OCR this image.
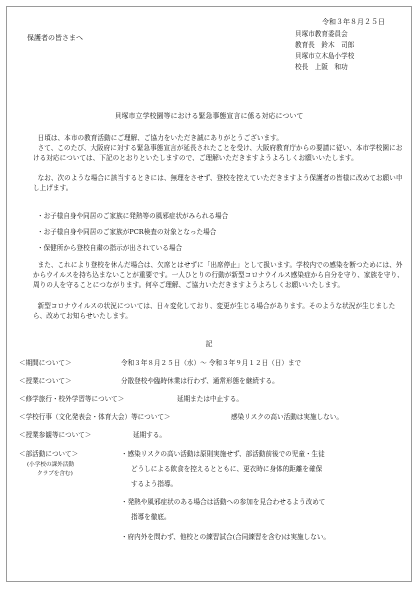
令和３年８月２５日
保護者の皆さまへ	貝塚市教育委員会
教育長　鈴木　司郎
貝塚市立木島小学校
校長　上阪　和功
貝塚市立学校園等における緊急事態宣言に係る対応について
日頃は、本市の教育活動にご理解、ご協力をいただき誠にありがとうございます。
さて、このたび、大阪府に対する緊急事態宣言が延長されたことを受け、大阪府教育庁からの要請に従い、本市学校園における対応については、下記のとおりといたしますので、ご理解いただきますようよろしくお願いいたします。
なお、次のような場合に該当するときには、無理をさせず、登校を控えていただきますよう保護者の皆様に改めてお願い申し上げます。
・お子様自身や同居のご家族に発熱等の風邪症状がみられる場合
・お子様自身や同居のご家族がPCR検査の対象となった場合
・保健所から登校自粛の指示が出されている場合
また、これにより登校を休んだ場合は、欠席とはせずに「出席停止」として扱います。学校内での感染を断つためには、外からウイルスを持ち込まないことが重要です。一人ひとりの行動が新型コロナウイルス感染症から自分を守り、家族を守り、周りの人を守ることにつながります。何卒ご理解、ご協力いただきますようよろしくお願いいたします。
新型コロナウイルスの状況については、日々変化しており、変更が生じる場合があります。そのような状況が生じましたら、改めてお知らせいたします。
記
＜期間について＞	令和３年８月２５日（水）～ 令和３年９月１２日（日）まで
＜授業について＞	分散登校や臨時休業は行わず、通常形態を継続する。
＜修学旅行・校外学習等について＞	延期または中止する。
＜学校行事（文化発表会・体育大会）等について＞	感染リスクの高い活動は実施しない。
＜授業参観等について＞	延期する。
＜部活動について＞
(小学校の課外活動
クラブを含む)
・感染リスクの高い活動は原則実施せず、部活動前後での児童・生徒
どうしによる飲食を控えるとともに、更衣時に身体的距離を確保
するよう指導。
・発熱や風邪症状のある場合は活動への参加を見合わせるよう改めて
指導を徹底。
・府内外を問わず、他校との練習試合(合同練習を含む)は実施しない。
